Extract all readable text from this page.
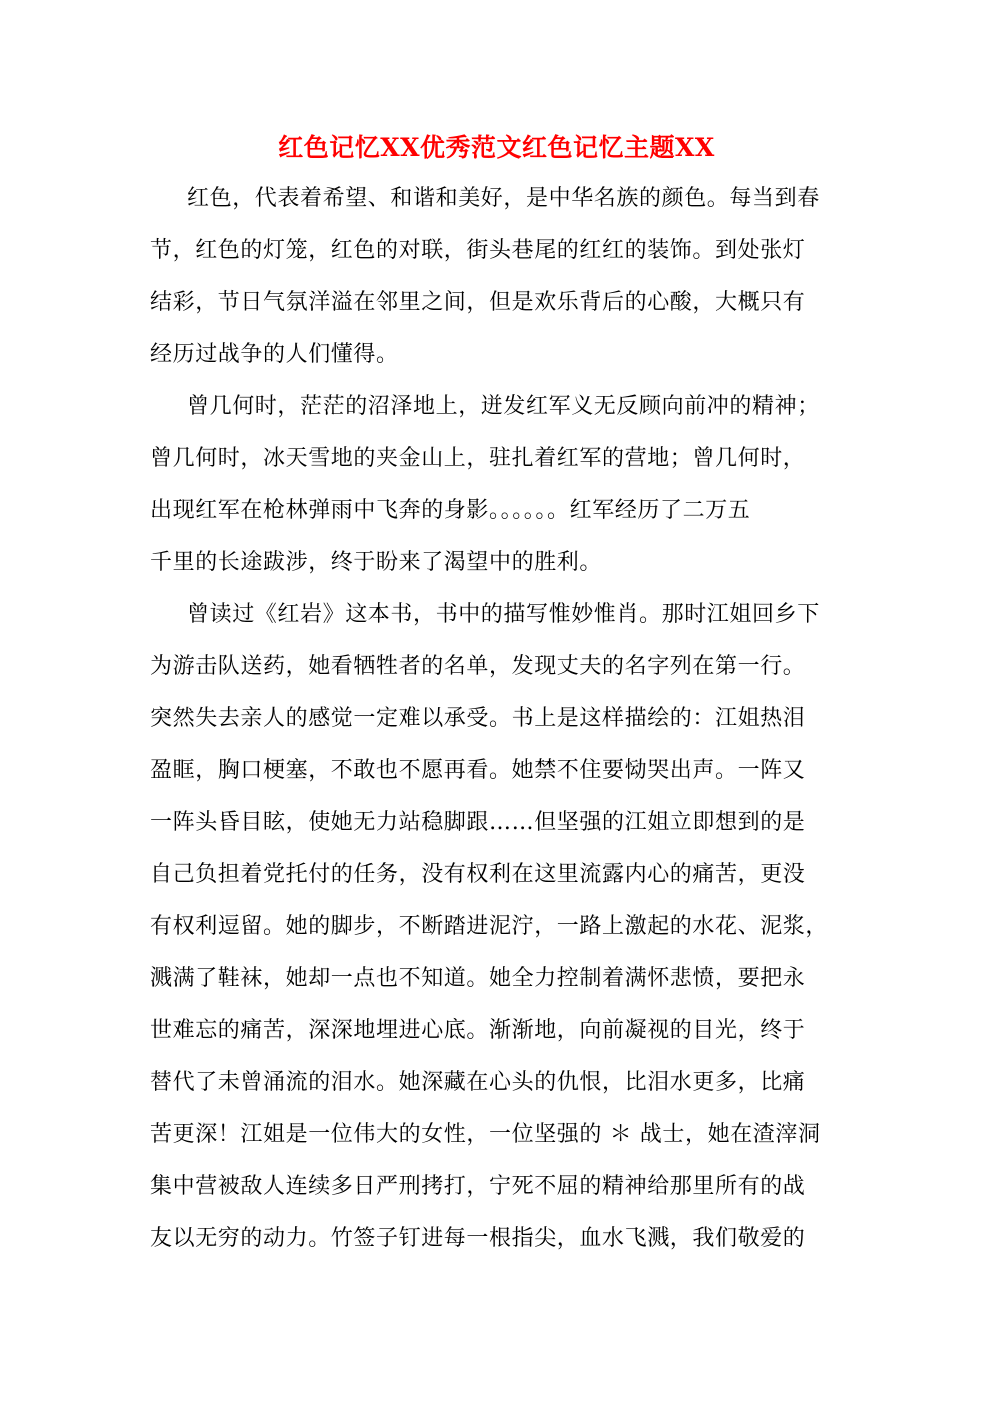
红色记忆XX优秀范文红色记忆主题XX
红色，代表着希望、和谐和美好，是中华名族的颜色。每当到春
节，红色的灯笼，红色的对联，街头巷尾的红红的装饰。到处张灯
结彩，节日气氛洋溢在邻里之间，但是欢乐背后的心酸，大概只有
经历过战争的人们懂得。
曾几何时，茫茫的沼泽地上，迸发红军义无反顾向前冲的精神；
曾几何时，冰天雪地的夹金山上，驻扎着红军的营地；曾几何时，
出现红军在枪林弹雨中飞奔的身影。。。。。。红军经历了二万五
千里的长途跋涉，终于盼来了渴望中的胜利。
曾读过《红岩》这本书，书中的描写惟妙惟肖。那时江姐回乡下
为游击队送药，她看牺牲者的名单，发现丈夫的名字列在第一行。
突然失去亲人的感觉一定难以承受。书上是这样描绘的：江姐热泪
盈眶，胸口梗塞，不敢也不愿再看。她禁不住要恸哭出声。一阵又
一阵头昏目眩，使她无力站稳脚跟……但坚强的江姐立即想到的是
自己负担着党托付的任务，没有权利在这里流露内心的痛苦，更没
有权利逗留。她的脚步，不断踏进泥泞，一路上激起的水花、泥浆，
溅满了鞋袜，她却一点也不知道。她全力控制着满怀悲愤，要把永
世难忘的痛苦，深深地埋进心底。渐渐地，向前凝视的目光，终于
替代了未曾涌流的泪水。她深藏在心头的仇恨，比泪水更多，比痛
苦更深！江姐是一位伟大的女性，一位坚强的 ＊ 战士，她在渣滓洞
集中营被敌人连续多日严刑拷打，宁死不屈的精神给那里所有的战
友以无穷的动力。竹签子钉进每一根指尖，血水飞溅，我们敬爱的
